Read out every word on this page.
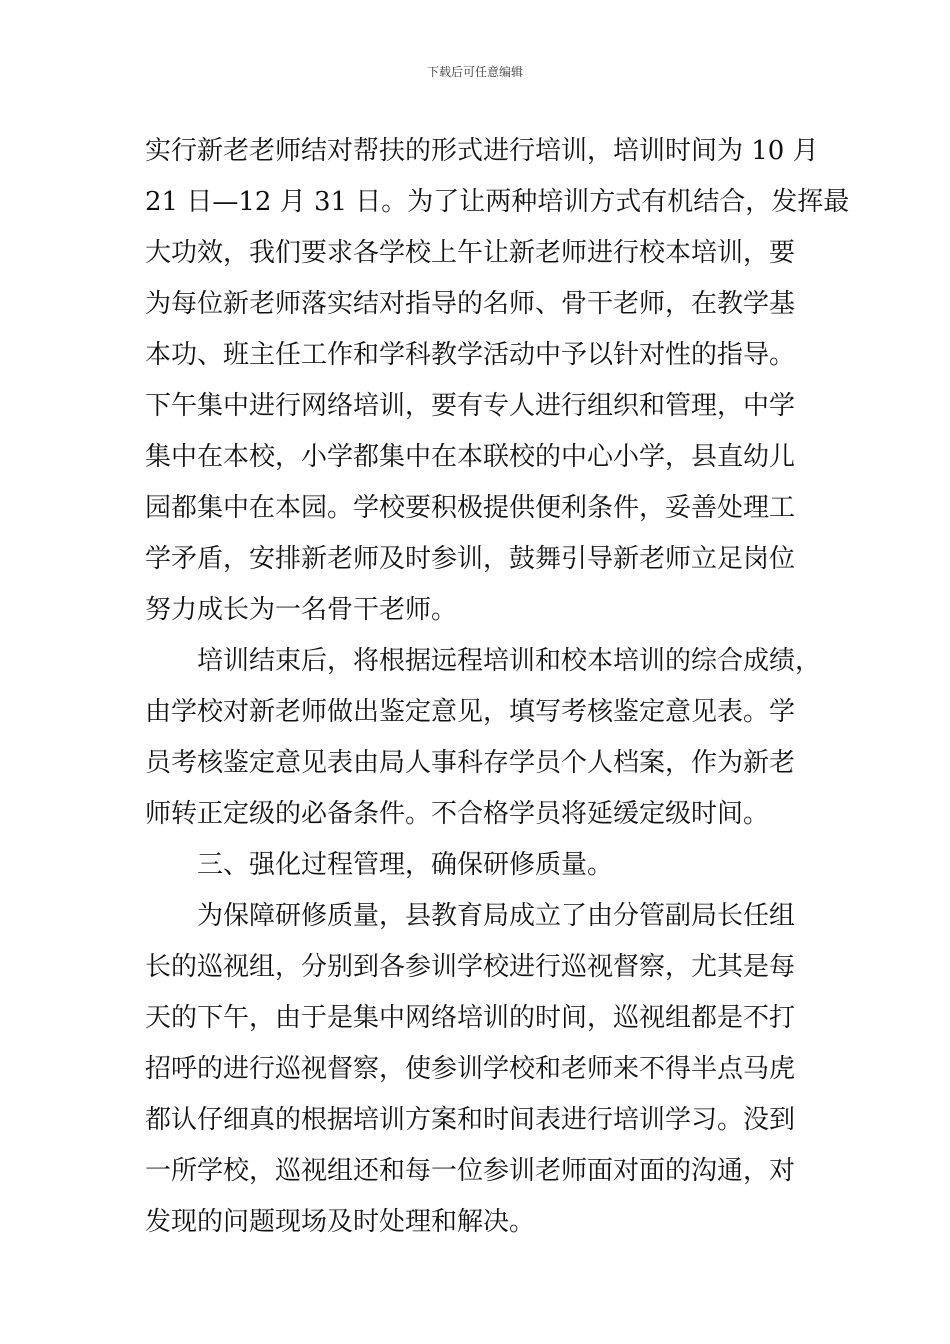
下载后可任意编辑
实行新老老师结对帮扶的形式进行培训，培训时间为 10 月
21 日—12 月 31 日。为了让两种培训方式有机结合，发挥最
大功效，我们要求各学校上午让新老师进行校本培训，要
为每位新老师落实结对指导的名师、骨干老师，在教学基
本功、班主任工作和学科教学活动中予以针对性的指导。
下午集中进行网络培训，要有专人进行组织和管理，中学
集中在本校，小学都集中在本联校的中心小学，县直幼儿
园都集中在本园。学校要积极提供便利条件，妥善处理工
学矛盾，安排新老师及时参训，鼓舞引导新老师立足岗位
努力成长为一名骨干老师。
培训结束后，将根据远程培训和校本培训的综合成绩，
由学校对新老师做出鉴定意见，填写考核鉴定意见表。学
员考核鉴定意见表由局人事科存学员个人档案，作为新老
师转正定级的必备条件。不合格学员将延缓定级时间。
三、强化过程管理，确保研修质量。
为保障研修质量，县教育局成立了由分管副局长任组
长的巡视组，分别到各参训学校进行巡视督察，尤其是每
天的下午，由于是集中网络培训的时间，巡视组都是不打
招呼的进行巡视督察，使参训学校和老师来不得半点马虎
都认仔细真的根据培训方案和时间表进行培训学习。没到
一所学校，巡视组还和每一位参训老师面对面的沟通，对
发现的问题现场及时处理和解决。
